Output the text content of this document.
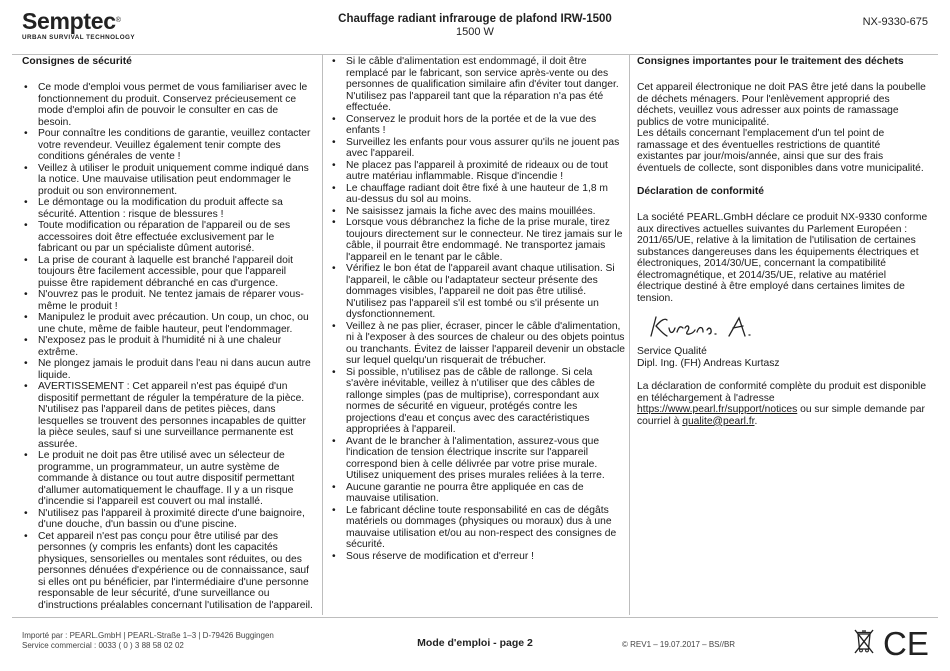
Semptec®
URBAN SURVIVAL TECHNOLOGY
Chauffage radiant infrarouge de plafond IRW-1500
1500 W
NX-9330-675
Consignes de sécurité
• Ce mode d'emploi vous permet de vous familiariser avec le fonctionnement du produit. Conservez précieusement ce mode d'emploi afin de pouvoir le consulter en cas de besoin.
• Pour connaître les conditions de garantie, veuillez contacter votre revendeur. Veuillez également tenir compte des conditions générales de vente !
• Veillez à utiliser le produit uniquement comme indiqué dans la notice. Une mauvaise utilisation peut endommager le produit ou son environnement.
• Le démontage ou la modification du produit affecte sa sécurité. Attention : risque de blessures !
• Toute modification ou réparation de l'appareil ou de ses accessoires doit être effectuée exclusivement par le fabricant ou par un spécialiste dûment autorisé.
• La prise de courant à laquelle est branché l'appareil doit toujours être facilement accessible, pour que l'appareil puisse être rapidement débranché en cas d'urgence.
• N'ouvrez pas le produit. Ne tentez jamais de réparer vous-même le produit !
• Manipulez le produit avec précaution. Un coup, un choc, ou une chute, même de faible hauteur, peut l'endommager.
• N'exposez pas le produit à l'humidité ni à une chaleur extrême.
• Ne plongez jamais le produit dans l'eau ni dans aucun autre liquide.
• AVERTISSEMENT : Cet appareil n'est pas équipé d'un dispositif permettant de réguler la température de la pièce. N'utilisez pas l'appareil dans de petites pièces, dans lesquelles se trouvent des personnes incapables de quitter la pièce seules, sauf si une surveillance permanente est assurée.
• Le produit ne doit pas être utilisé avec un sélecteur de programme, un programmateur, un autre système de commande à distance ou tout autre dispositif permettant d'allumer automatiquement le chauffage. Il y a un risque d'incendie si l'appareil est couvert ou mal installé.
• N'utilisez pas l'appareil à proximité directe d'une baignoire, d'une douche, d'un bassin ou d'une piscine.
• Cet appareil n'est pas conçu pour être utilisé par des personnes (y compris les enfants) dont les capacités physiques, sensorielles ou mentales sont réduites, ou des personnes dénuées d'expérience ou de connaissance, sauf si elles ont pu bénéficier, par l'intermédiaire d'une personne responsable de leur sécurité, d'une surveillance ou d'instructions préalables concernant l'utilisation de l'appareil.
• Si le câble d'alimentation est endommagé, il doit être remplacé par le fabricant, son service après-vente ou des personnes de qualification similaire afin d'éviter tout danger. N'utilisez pas l'appareil tant que la réparation n'a pas été effectuée.
• Conservez le produit hors de la portée et de la vue des enfants !
• Surveillez les enfants pour vous assurer qu'ils ne jouent pas avec l'appareil.
• Ne placez pas l'appareil à proximité de rideaux ou de tout autre matériau inflammable. Risque d'incendie !
• Le chauffage radiant doit être fixé à une hauteur de 1,8 m au-dessus du sol au moins.
• Ne saisissez jamais la fiche avec des mains mouillées.
• Lorsque vous débranchez la fiche de la prise murale, tirez toujours directement sur le connecteur. Ne tirez jamais sur le câble, il pourrait être endommagé. Ne transportez jamais l'appareil en le tenant par le câble.
• Vérifiez le bon état de l'appareil avant chaque utilisation. Si l'appareil, le câble ou l'adaptateur secteur présente des dommages visibles, l'appareil ne doit pas être utilisé. N'utilisez pas l'appareil s'il est tombé ou s'il présente un dysfonctionnement.
• Veillez à ne pas plier, écraser, pincer le câble d'alimentation, ni à l'exposer à des sources de chaleur ou des objets pointus ou tranchants. Évitez de laisser l'appareil devenir un obstacle sur lequel quelqu'un risquerait de trébucher.
• Si possible, n'utilisez pas de câble de rallonge. Si cela s'avère inévitable, veillez à n'utiliser que des câbles de rallonge simples (pas de multiprise), correspondant aux normes de sécurité en vigueur, protégés contre les projections d'eau et conçus avec des caractéristiques appropriées à l'appareil.
• Avant de le brancher à l'alimentation, assurez-vous que l'indication de tension électrique inscrite sur l'appareil correspond bien à celle délivrée par votre prise murale. Utilisez uniquement des prises murales reliées à la terre.
• Aucune garantie ne pourra être appliquée en cas de mauvaise utilisation.
• Le fabricant décline toute responsabilité en cas de dégâts matériels ou dommages (physiques ou moraux) dus à une mauvaise utilisation et/ou au non-respect des consignes de sécurité.
• Sous réserve de modification et d'erreur !
Consignes importantes pour le traitement des déchets

Cet appareil électronique ne doit PAS être jeté dans la poubelle de déchets ménagers. Pour l'enlèvement approprié des déchets, veuillez vous adresser aux points de ramassage publics de votre municipalité.

Les détails concernant l'emplacement d'un tel point de ramassage et des éventuelles restrictions de quantité existantes par jour/mois/année, ainsi que sur des frais éventuels de collecte, sont disponibles dans votre municipalité.

Déclaration de conformité

La société PEARL.GmbH déclare ce produit NX-9330 conforme aux directives actuelles suivantes du Parlement Européen : 2011/65/UE, relative à la limitation de l'utilisation de certaines substances dangereuses dans les équipements électriques et électroniques, 2014/30/UE, concernant la compatibilité électromagnétique, et 2014/35/UE, relative au matériel électrique destiné à être employé dans certaines limites de tension.

Service Qualité

Dipl. Ing. (FH) Andreas Kurtasz

La déclaration de conformité complète du produit est disponible en téléchargement à l'adresse
https://www.pearl.fr/support/notices ou sur simple demande par courriel à qualite@pearl.fr.

Importé par : PEARL.GmbH | PEARL-Straße 1–3 | D-79426 Buggingen
Service commercial : 0033 ( 0 ) 3 88 58 02 02	Mode d'emploi - page 2	© REV1 – 19.07.2017 – BS//BR	CE
